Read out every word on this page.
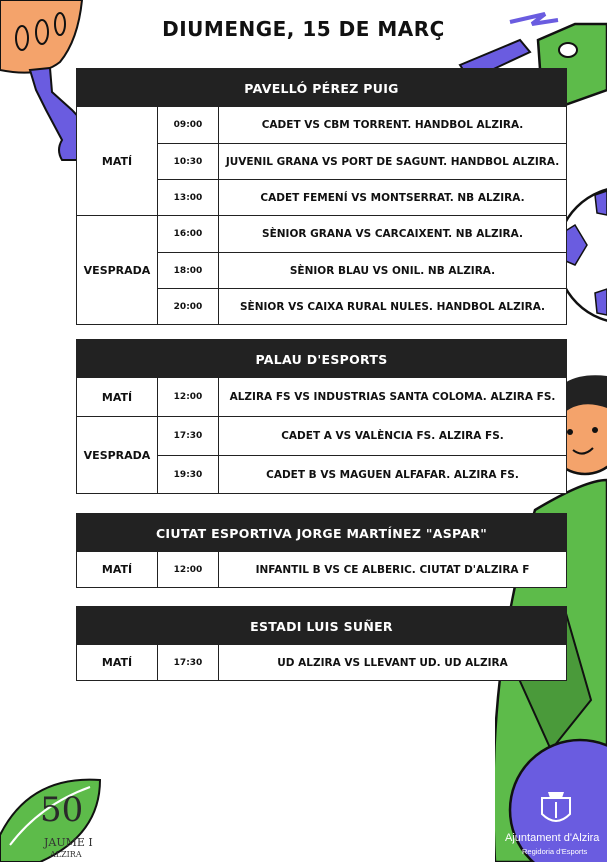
50
JAUME I
ALZIRA
Ajuntament d'Alzira
Regidoria d'Esports
DIUMENGE, 15 DE MARÇ
PAVELLÓ PÉREZ PUIG
MATÍ
09:00	CADET VS CBM TORRENT. HANDBOL ALZIRA.
10:30	JUVENIL GRANA VS PORT DE SAGUNT. HANDBOL ALZIRA.
13:00	CADET FEMENÍ VS MONTSERRAT. NB ALZIRA.
VESPRADA
16:00	SÈNIOR GRANA VS CARCAIXENT. NB ALZIRA.
18:00	SÈNIOR BLAU VS ONIL. NB ALZIRA.
20:00	SÈNIOR VS CAIXA RURAL NULES. HANDBOL ALZIRA.
PALAU D'ESPORTS
MATÍ	12:00	ALZIRA FS VS INDUSTRIAS SANTA COLOMA. ALZIRA FS.
VESPRADA
17:30	CADET A VS VALÈNCIA FS. ALZIRA FS.
19:30	CADET B VS MAGUEN ALFAFAR. ALZIRA FS.
CIUTAT ESPORTIVA JORGE MARTÍNEZ "ASPAR"
MATÍ	12:00	INFANTIL B VS CE ALBERIC. CIUTAT D'ALZIRA F
ESTADI LUIS SUÑER
MATÍ	17:30	UD ALZIRA VS LLEVANT UD. UD ALZIRA
